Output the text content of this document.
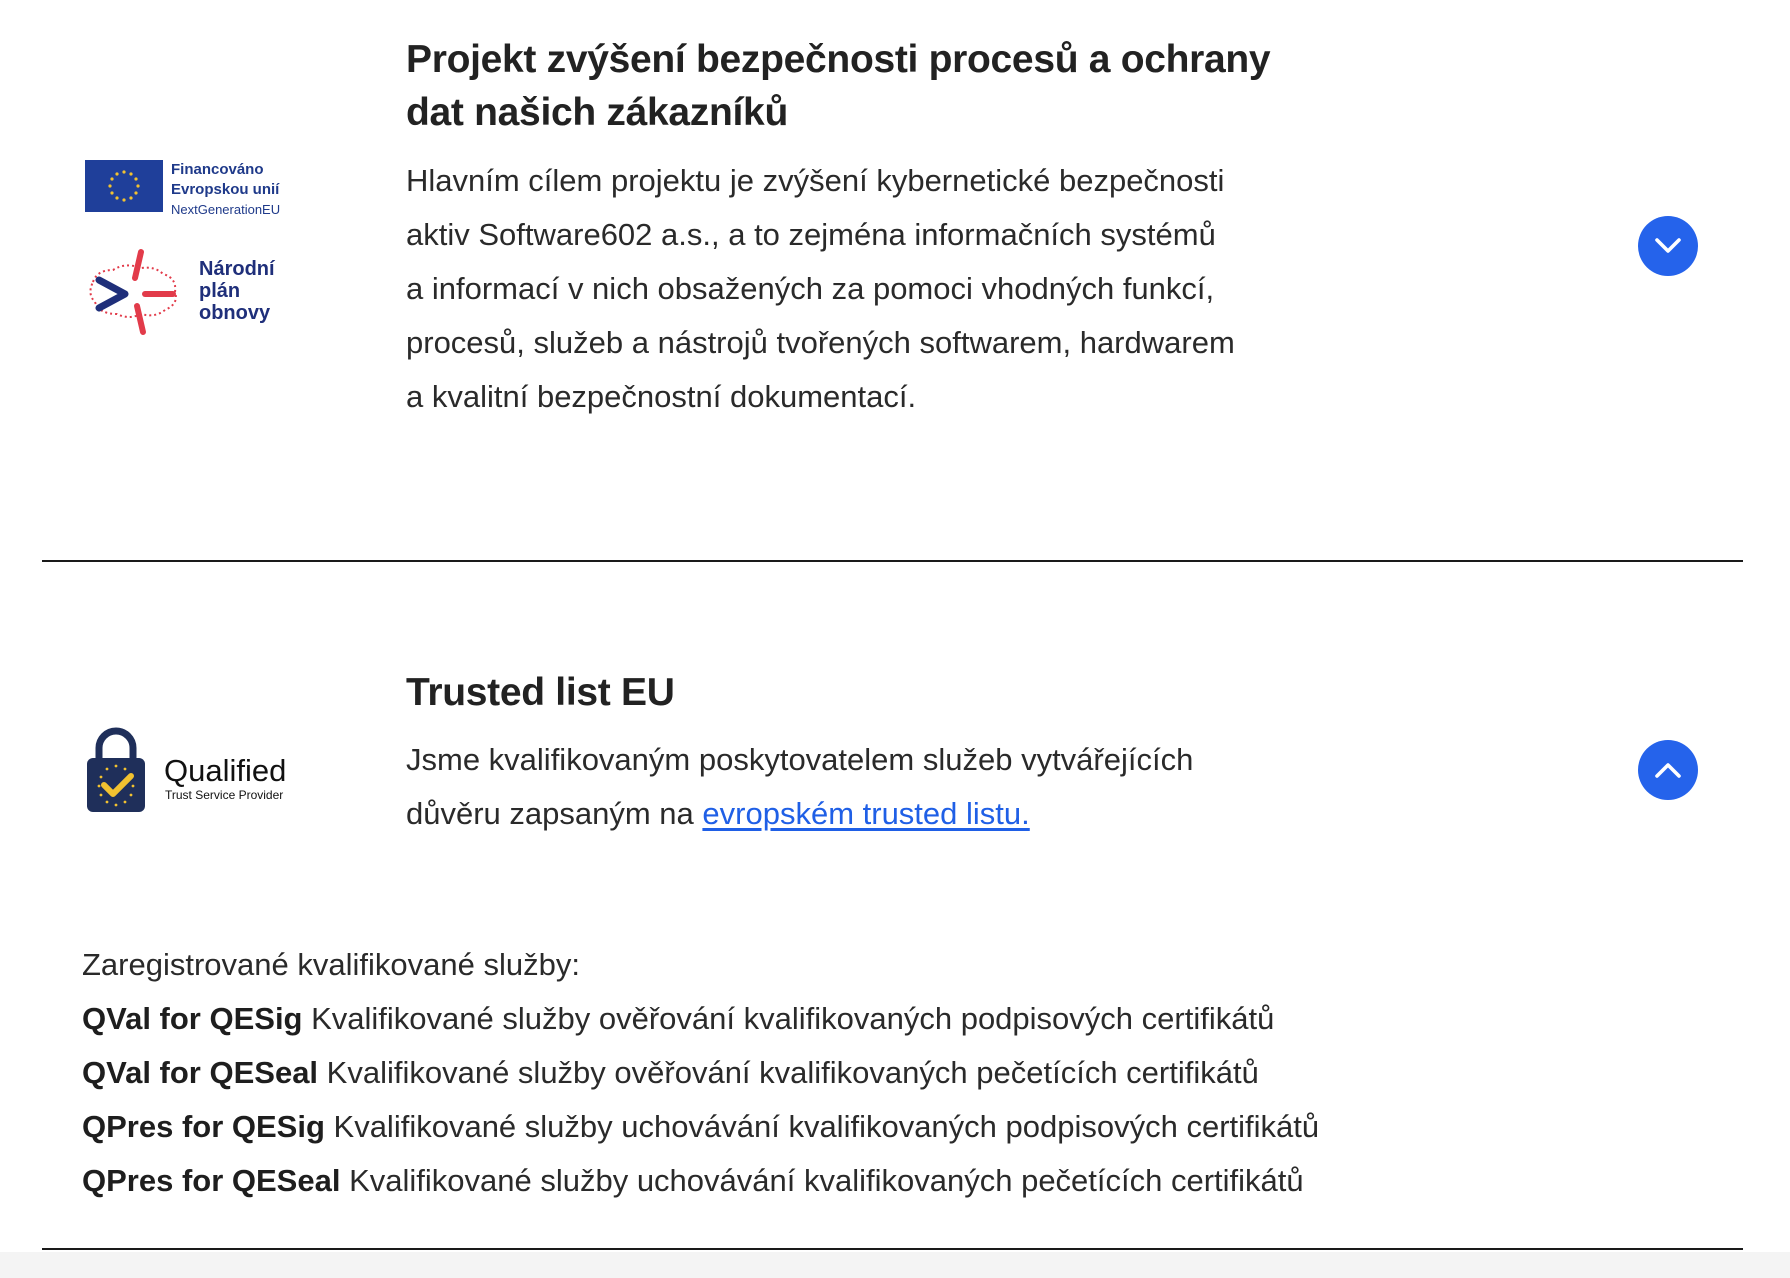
Financováno
Evropskou unií
NextGenerationEU
Národní
plán
obnovy
Projekt zvýšení bezpečnosti procesů a ochrany
dat našich zákazníků
Hlavním cílem projektu je zvýšení kybernetické bezpečnosti
aktiv Software602 a.s., a to zejména informačních systémů
a informací v nich obsažených za pomoci vhodných funkcí,
procesů, služeb a nástrojů tvořených softwarem, hardwarem
a kvalitní bezpečnostní dokumentací.
Qualified
Trust Service Provider
Trusted list EU
Jsme kvalifikovaným poskytovatelem služeb vytvářejících
důvěru zapsaným na evropském trusted listu.

Zaregistrované kvalifikované služby:

QVal for QESig Kvalifikované služby ověřování kvalifikovaných podpisových certifikátů

QVal for QESeal Kvalifikované služby ověřování kvalifikovaných pečetících certifikátů

QPres for QESig Kvalifikované služby uchovávání kvalifikovaných podpisových certifikátů

QPres for QESeal Kvalifikované služby uchovávání kvalifikovaných pečetících certifikátů
